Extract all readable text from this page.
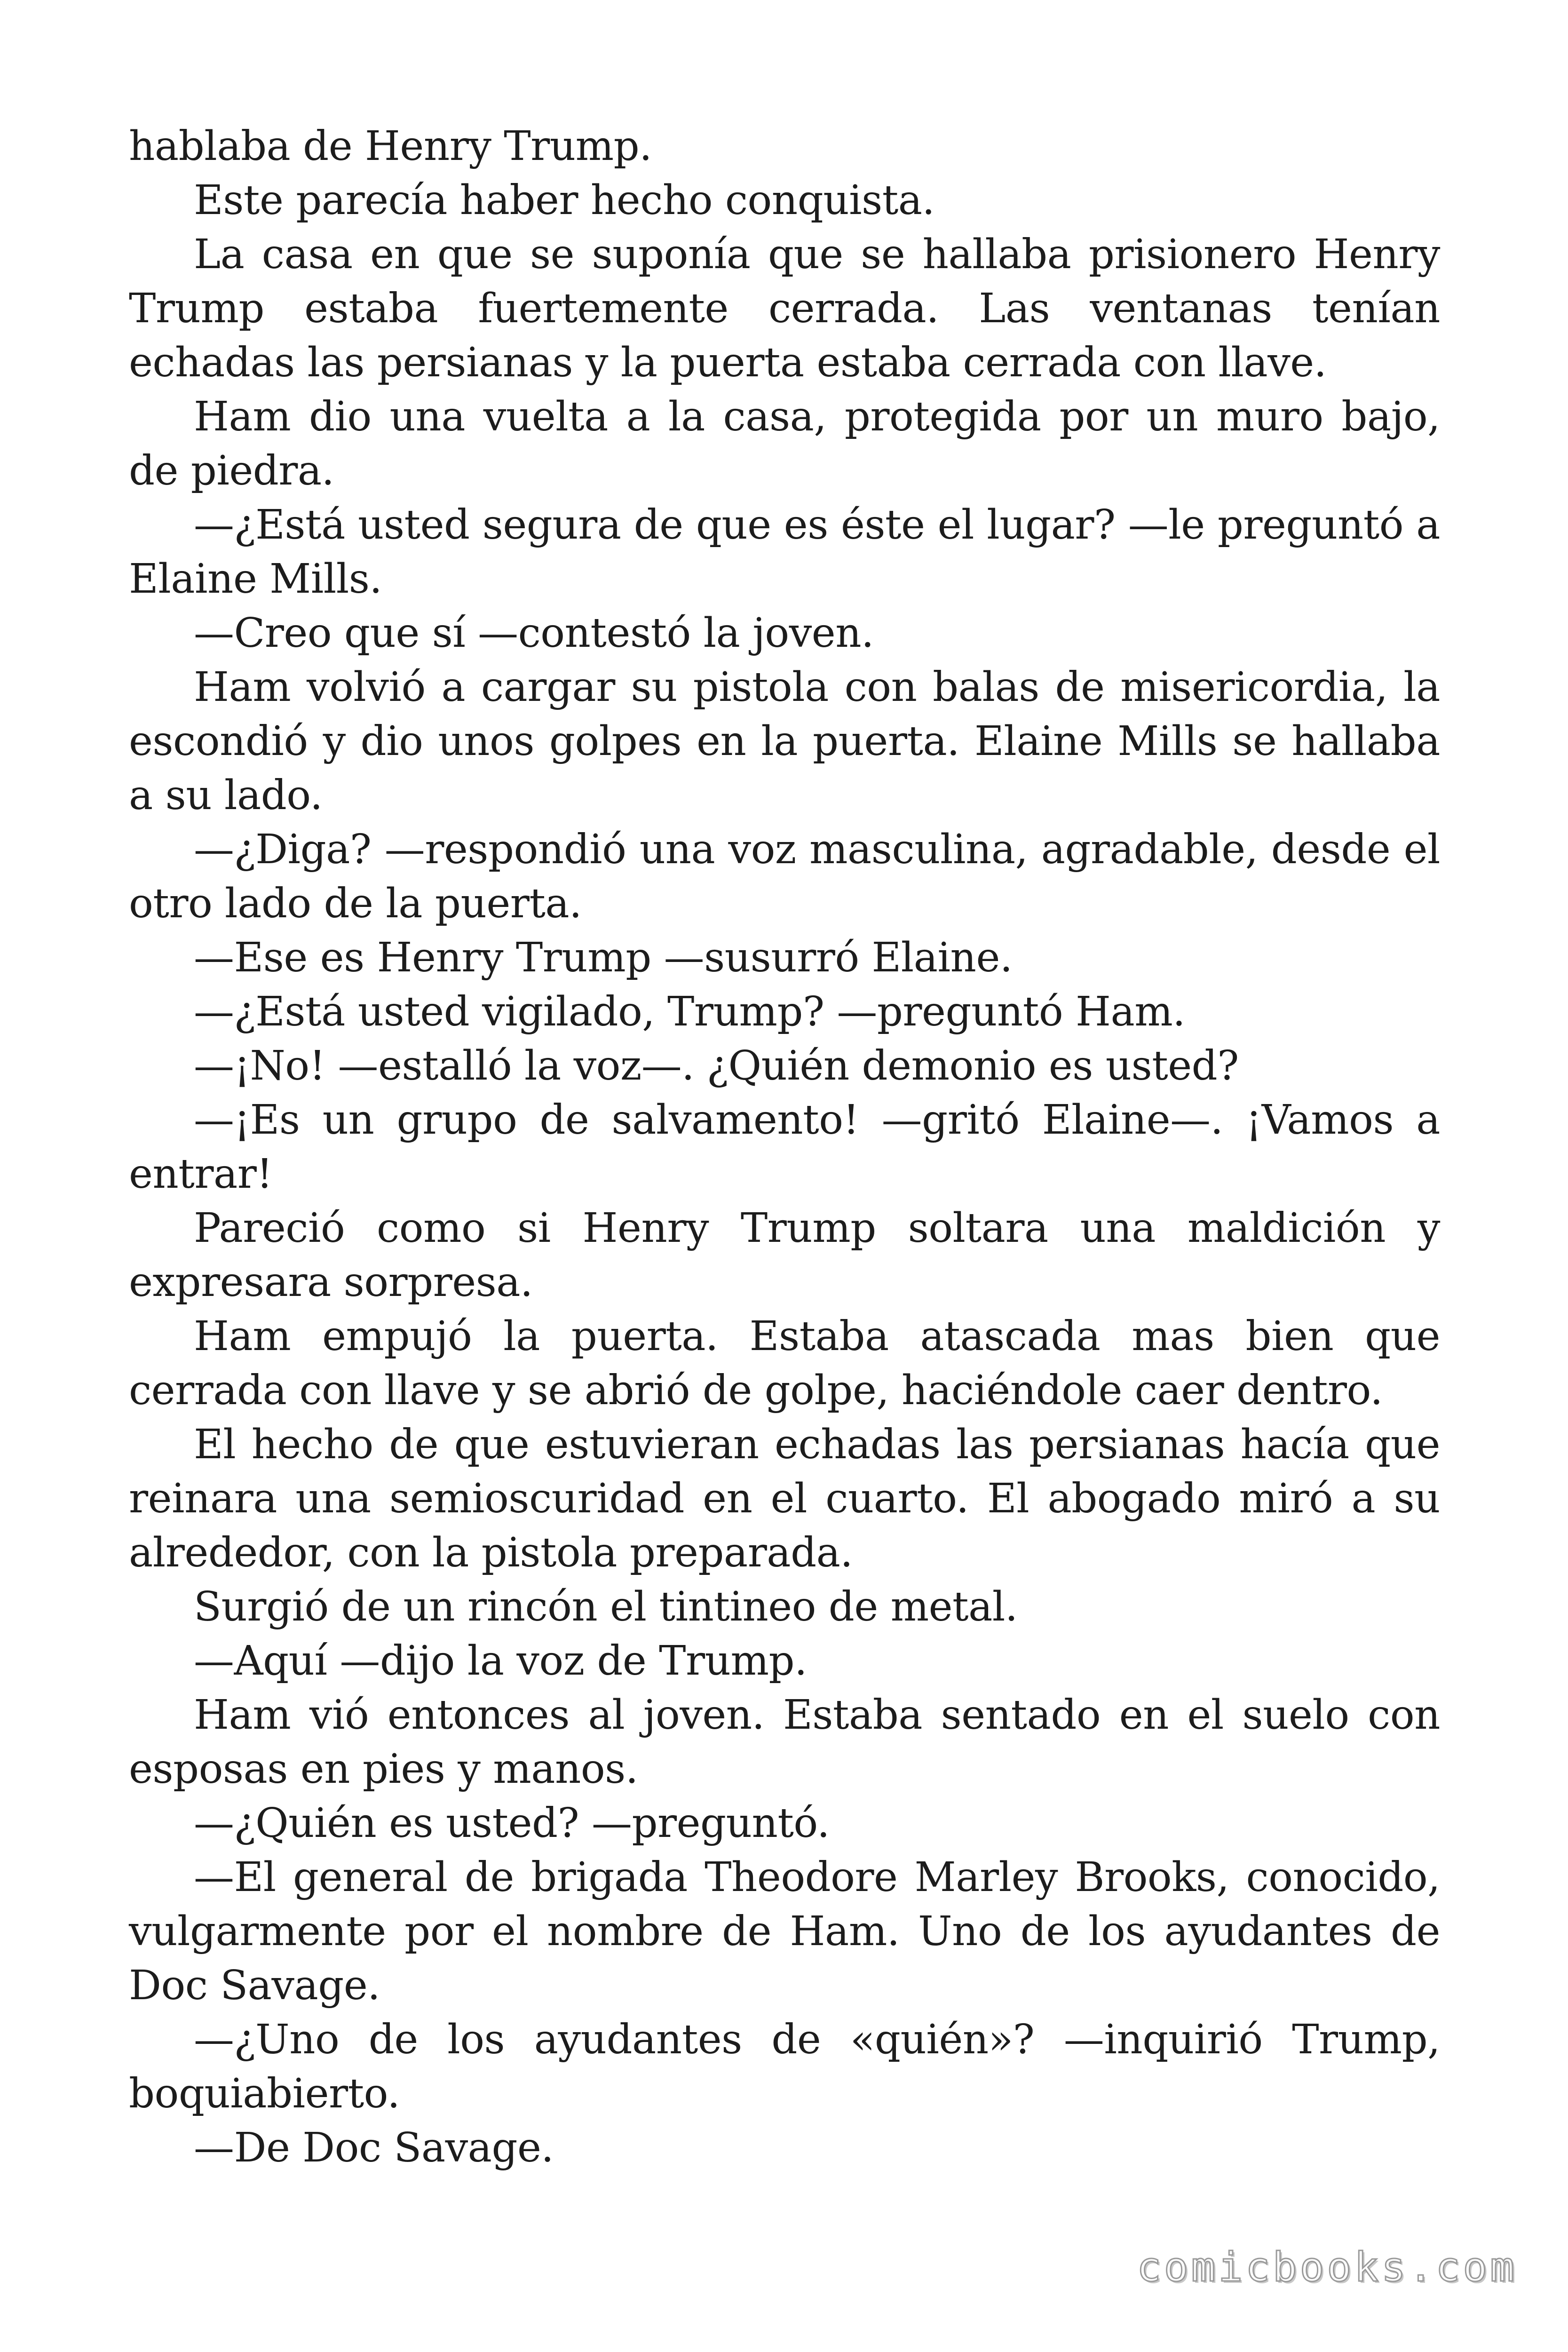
hablaba de Henry Trump.

Este parecía haber hecho conquista.

La casa en que se suponía que se hallaba prisionero Henry Trump estaba fuertemente cerrada. Las ventanas tenían echadas las persianas y la puerta estaba cerrada con llave.

Ham dio una vuelta a la casa, protegida por un muro bajo, de piedra.

—¿Está usted segura de que es éste el lugar? —le preguntó a Elaine Mills.

—Creo que sí —contestó la joven.

Ham volvió a cargar su pistola con balas de misericordia, la escondió y dio unos golpes en la puerta. Elaine Mills se hallaba a su lado.

—¿Diga? —respondió una voz masculina, agradable, desde el otro lado de la puerta.

—Ese es Henry Trump —susurró Elaine.

—¿Está usted vigilado, Trump? —preguntó Ham.

—¡No! —estalló la voz—. ¿Quién demonio es usted?

—¡Es un grupo de salvamento! —gritó Elaine—. ¡Vamos a entrar!

Pareció como si Henry Trump soltara una maldición y expresara sorpresa.

Ham empujó la puerta. Estaba atascada mas bien que cerrada con llave y se abrió de golpe, haciéndole caer dentro.

El hecho de que estuvieran echadas las persianas hacía que reinara una semioscuridad en el cuarto. El abogado miró a su alrededor, con la pistola preparada.

Surgió de un rincón el tintineo de metal.

—Aquí —dijo la voz de Trump.

Ham vió entonces al joven. Estaba sentado en el suelo con esposas en pies y manos.

—¿Quién es usted? —preguntó.

—El general de brigada Theodore Marley Brooks, conocido, vulgarmente por el nombre de Ham. Uno de los ayudantes de Doc Savage.

—¿Uno de los ayudantes de «quién»? —inquirió Trump, boquiabierto.

—De Doc Savage.

comicbooks.com
